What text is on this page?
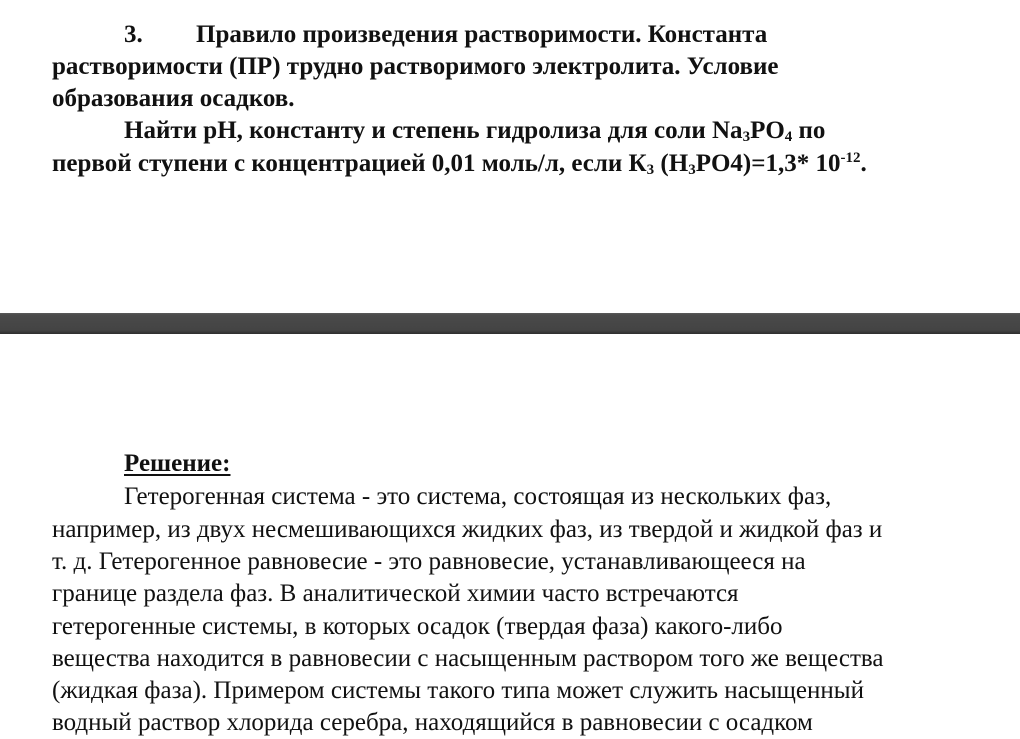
3. Правило произведения растворимости. Константа
растворимости (ПР) трудно растворимого электролита. Условие
образования осадков.
Найти рН, константу и степень гидролиза для соли $Na_3PO_4$ по
первой ступени с концентрацией 0,01 моль/л, если $К_3$ $(H_3PO4)=1,3*$ $10^{-12}$.
Решение:
Гетерогенная система - это система, состоящая из нескольких фаз,
например, из двух несмешивающихся жидких фаз, из твердой и жидкой фаз и
т. д. Гетерогенное равновесие - это равновесие, устанавливающееся на
границе раздела фаз. В аналитической химии часто встречаются
гетерогенные системы, в которых осадок (твердая фаза) какого-либо
вещества находится в равновесии с насыщенным раствором того же вещества
(жидкая фаза). Примером системы такого типа может служить насыщенный
водный раствор хлорида серебра, находящийся в равновесии с осадком
